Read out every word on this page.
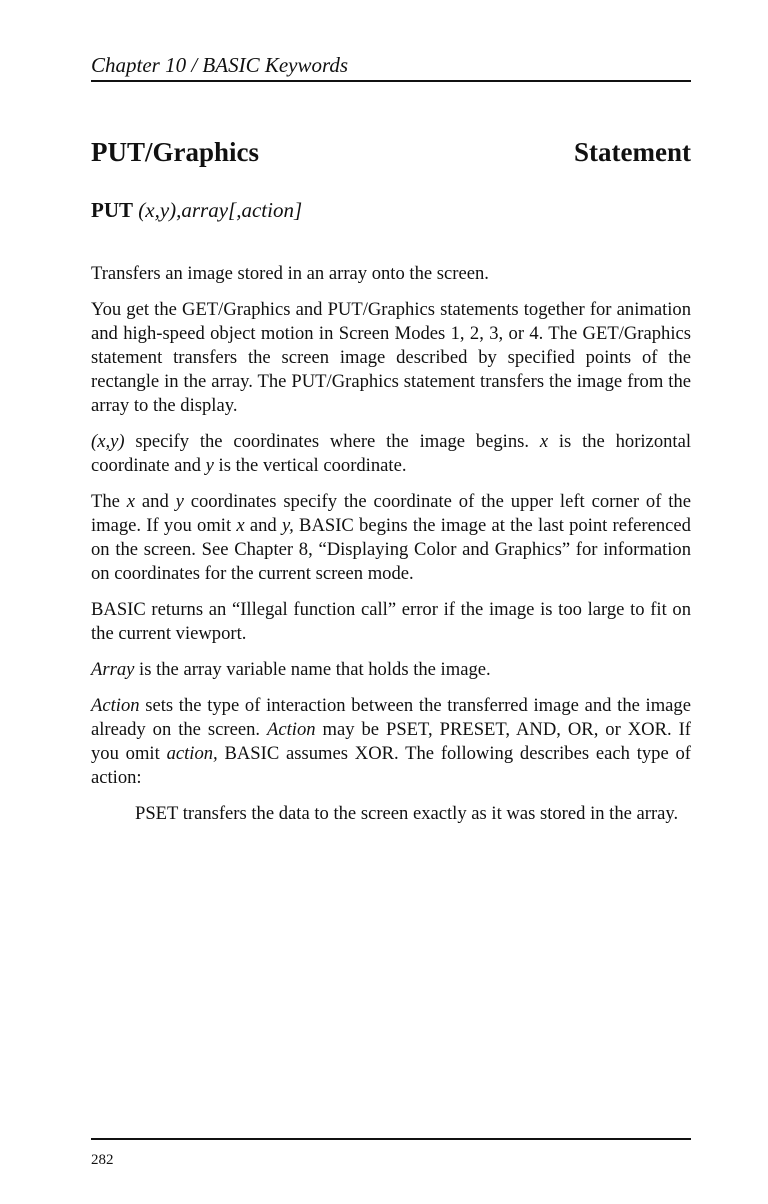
Chapter 10 / BASIC Keywords
PUT/Graphics	Statement
PUT (x,y),array[,action]

Transfers an image stored in an array onto the screen.

You get the GET/Graphics and PUT/Graphics statements together for animation and high-speed object motion in Screen Modes 1, 2, 3, or 4. The GET/Graphics statement transfers the screen image described by specified points of the rectangle in the array. The PUT/Graphics statement transfers the image from the array to the display.

(x,y) specify the coordinates where the image begins. x is the horizontal coordinate and y is the vertical coordinate.

The x and y coordinates specify the coordinate of the upper left corner of the image. If you omit x and y, BASIC begins the image at the last point referenced on the screen. See Chapter 8, “Displaying Color and Graphics” for information on coordinates for the current screen mode.

BASIC returns an “Illegal function call” error if the image is too large to fit on the current viewport.

Array is the array variable name that holds the image.

Action sets the type of interaction between the transferred image and the image already on the screen. Action may be PSET, PRESET, AND, OR, or XOR. If you omit action, BASIC assumes XOR. The following describes each type of action:

PSET transfers the data to the screen exactly as it was stored in the array.

282
